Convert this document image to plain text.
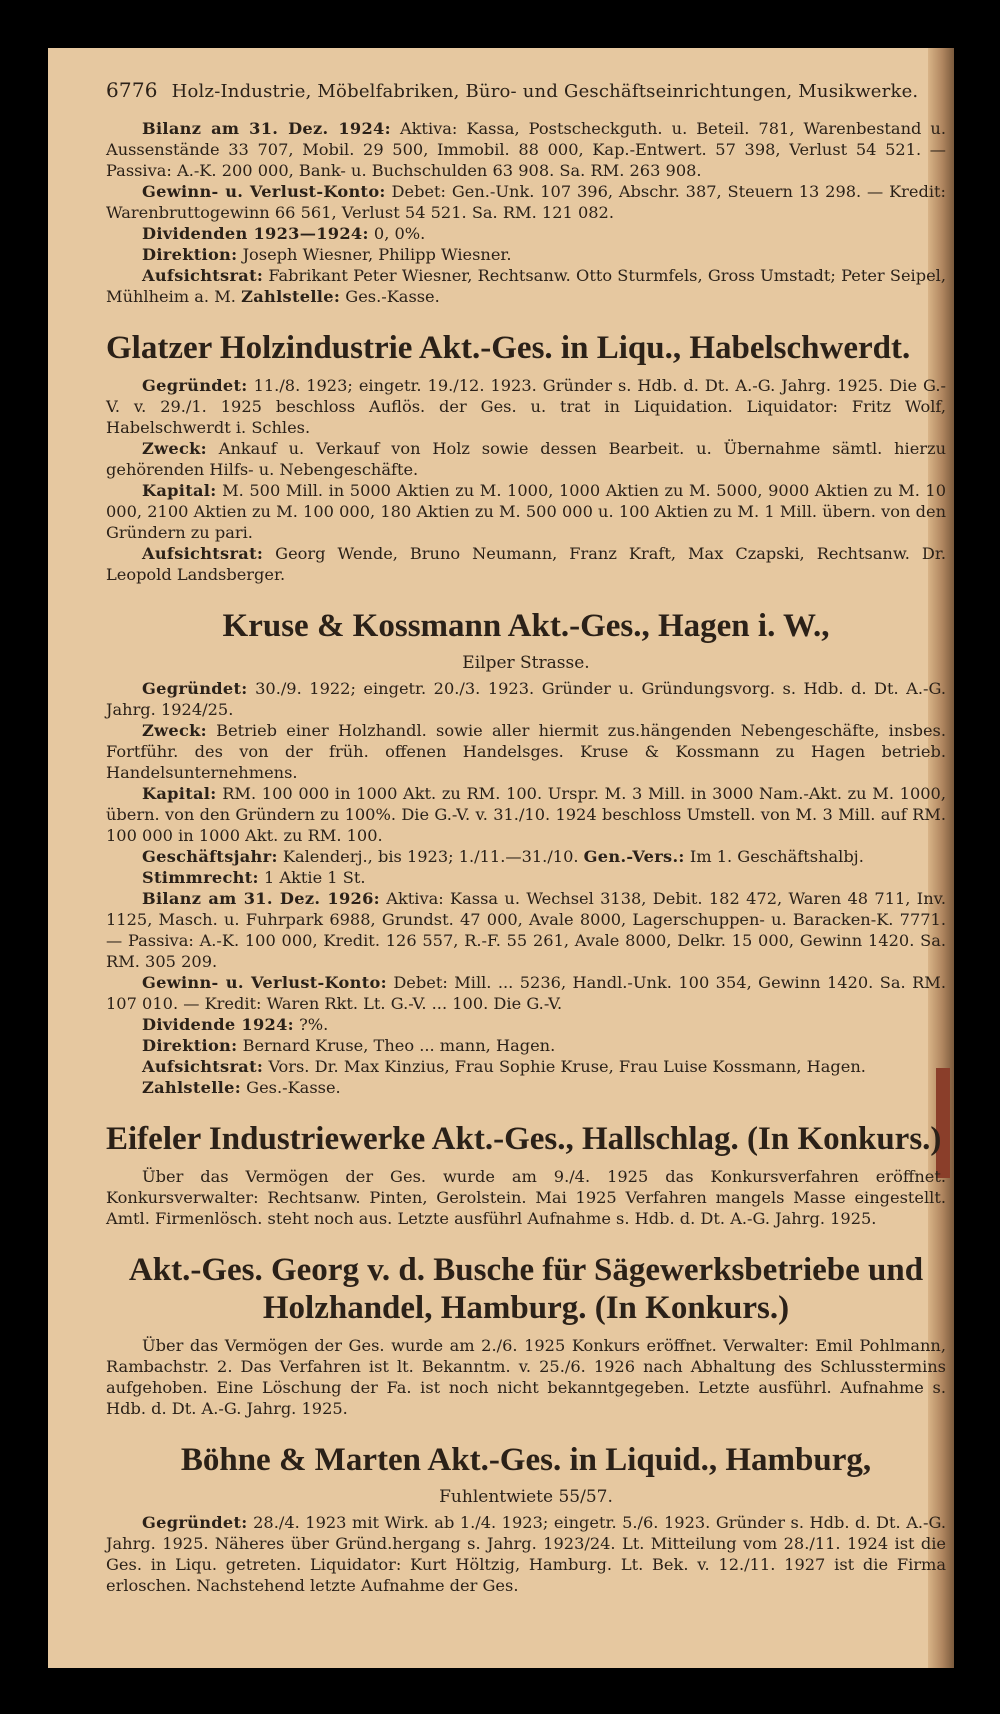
6776 Holz-Industrie, Möbelfabriken, Büro- und Geschäftseinrichtungen, Musikwerke.

Bilanz am 31. Dez. 1924: Aktiva: Kassa, Postscheckguth. u. Beteil. 781, Warenbestand u. Aussenstände 33 707, Mobil. 29 500, Immobil. 88 000, Kap.-Entwert. 57 398, Verlust 54 521. — Passiva: A.-K. 200 000, Bank- u. Buchschulden 63 908. Sa. RM. 263 908.

Gewinn- u. Verlust-Konto: Debet: Gen.-Unk. 107 396, Abschr. 387, Steuern 13 298. — Kredit: Warenbruttogewinn 66 561, Verlust 54 521. Sa. RM. 121 082.

Dividenden 1923—1924: 0, 0%.

Direktion: Joseph Wiesner, Philipp Wiesner.

Aufsichtsrat: Fabrikant Peter Wiesner, Rechtsanw. Otto Sturmfels, Gross Umstadt; Peter Seipel, Mühlheim a. M. Zahlstelle: Ges.-Kasse.

Glatzer Holzindustrie Akt.-Ges. in Liqu., Habelschwerdt.

Gegründet: 11./8. 1923; eingetr. 19./12. 1923. Gründer s. Hdb. d. Dt. A.-G. Jahrg. 1925. Die G.-V. v. 29./1. 1925 beschloss Auflös. der Ges. u. trat in Liquidation. Liquidator: Fritz Wolf, Habelschwerdt i. Schles.

Zweck: Ankauf u. Verkauf von Holz sowie dessen Bearbeit. u. Übernahme sämtl. hierzu gehörenden Hilfs- u. Nebengeschäfte.

Kapital: M. 500 Mill. in 5000 Aktien zu M. 1000, 1000 Aktien zu M. 5000, 9000 Aktien zu M. 10 000, 2100 Aktien zu M. 100 000, 180 Aktien zu M. 500 000 u. 100 Aktien zu M. 1 Mill. übern. von den Gründern zu pari.

Aufsichtsrat: Georg Wende, Bruno Neumann, Franz Kraft, Max Czapski, Rechtsanw. Dr. Leopold Landsberger.

Kruse & Kossmann Akt.-Ges., Hagen i. W.,
Eilper Strasse.

Gegründet: 30./9. 1922; eingetr. 20./3. 1923. Gründer u. Gründungsvorg. s. Hdb. d. Dt. A.-G. Jahrg. 1924/25.

Zweck: Betrieb einer Holzhandl. sowie aller hiermit zus.hängenden Nebengeschäfte, insbes. Fortführ. des von der früh. offenen Handelsges. Kruse & Kossmann zu Hagen betrieb. Handelsunternehmens.

Kapital: RM. 100 000 in 1000 Akt. zu RM. 100. Urspr. M. 3 Mill. in 3000 Nam.-Akt. zu M. 1000, übern. von den Gründern zu 100%. Die G.-V. v. 31./10. 1924 beschloss Umstell. von M. 3 Mill. auf RM. 100 000 in 1000 Akt. zu RM. 100.

Geschäftsjahr: Kalenderj., bis 1923; 1./11.—31./10. Gen.-Vers.: Im 1. Geschäftshalbj.

Stimmrecht: 1 Aktie 1 St.

Bilanz am 31. Dez. 1926: Aktiva: Kassa u. Wechsel 3138, Debit. 182 472, Waren 48 711, Inv. 1125, Masch. u. Fuhrpark 6988, Grundst. 47 000, Avale 8000, Lagerschuppen- u. Baracken-K. 7771. — Passiva: A.-K. 100 000, Kredit. 126 557, R.-F. 55 261, Avale 8000, Delkr. 15 000, Gewinn 1420. Sa. RM. 305 209.

Gewinn- u. Verlust-Konto: Debet: Mill. ... 5236, Handl.-Unk. 100 354, Gewinn 1420. Sa. RM. 107 010. — Kredit: Waren Rkt. Lt. G.-V. ... 100. Die G.-V.

Dividende 1924: ?%.

Direktion: Bernard Kruse, Theo ... mann, Hagen.

Aufsichtsrat: Vors. Dr. Max Kinzius, Frau Sophie Kruse, Frau Luise Kossmann, Hagen.

Zahlstelle: Ges.-Kasse.

Eifeler Industriewerke Akt.-Ges., Hallschlag. (In Konkurs.)

Über das Vermögen der Ges. wurde am 9./4. 1925 das Konkursverfahren eröffnet. Konkursverwalter: Rechtsanw. Pinten, Gerolstein. Mai 1925 Verfahren mangels Masse eingestellt. Amtl. Firmenlösch. steht noch aus. Letzte ausführl Aufnahme s. Hdb. d. Dt. A.-G. Jahrg. 1925.

Akt.-Ges. Georg v. d. Busche für Sägewerksbetriebe und
Holzhandel, Hamburg. (In Konkurs.)

Über das Vermögen der Ges. wurde am 2./6. 1925 Konkurs eröffnet. Verwalter: Emil Pohlmann, Rambachstr. 2. Das Verfahren ist lt. Bekanntm. v. 25./6. 1926 nach Abhaltung des Schlusstermins aufgehoben. Eine Löschung der Fa. ist noch nicht bekanntgegeben. Letzte ausführl. Aufnahme s. Hdb. d. Dt. A.-G. Jahrg. 1925.

Böhne & Marten Akt.-Ges. in Liquid., Hamburg,
Fuhlentwiete 55/57.

Gegründet: 28./4. 1923 mit Wirk. ab 1./4. 1923; eingetr. 5./6. 1923. Gründer s. Hdb. d. Dt. A.-G. Jahrg. 1925. Näheres über Gründ.hergang s. Jahrg. 1923/24. Lt. Mitteilung vom 28./11. 1924 ist die Ges. in Liqu. getreten. Liquidator: Kurt Höltzig, Hamburg. Lt. Bek. v. 12./11. 1927 ist die Firma erloschen. Nachstehend letzte Aufnahme der Ges.
